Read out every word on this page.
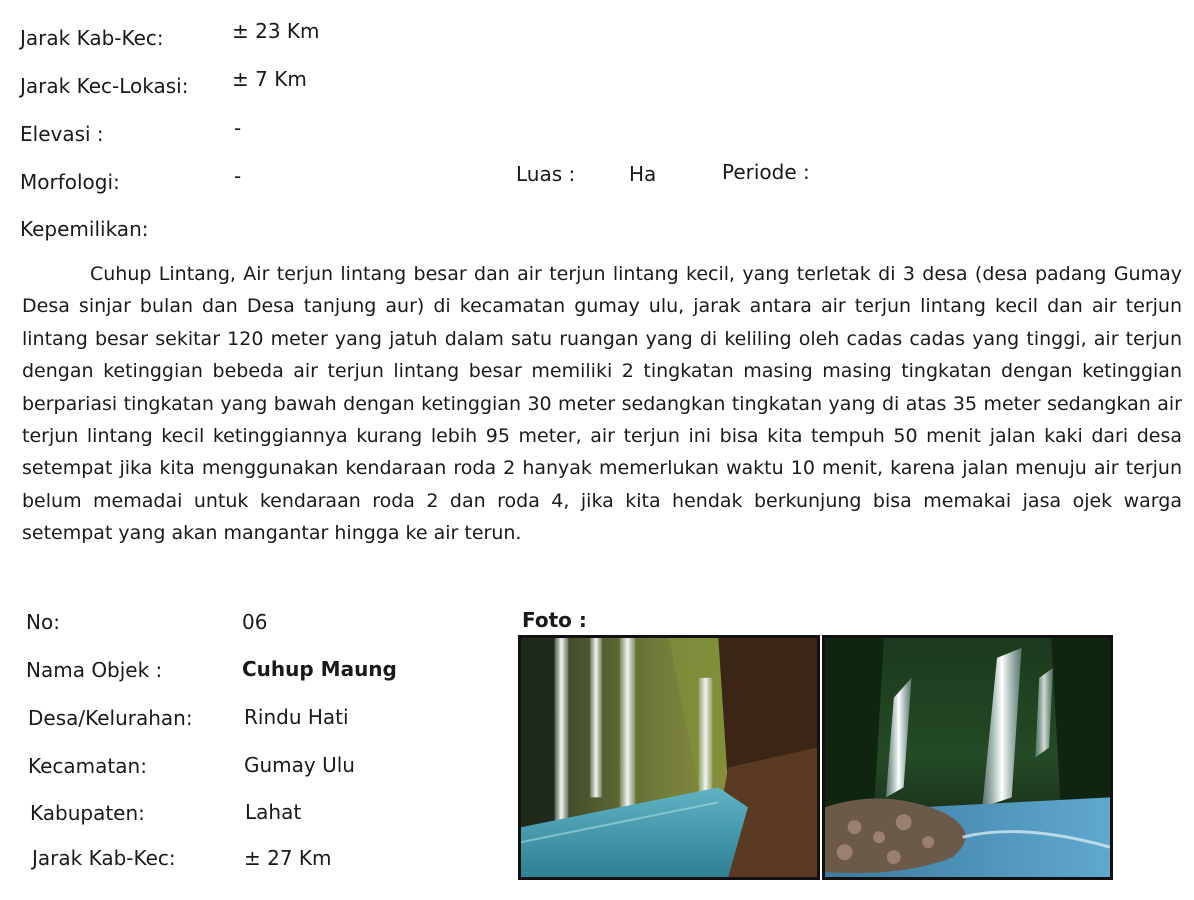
Jarak Kab-Kec:	± 23 Km
Jarak Kec-Lokasi: ± 7 Km
Elevasi :	-
Morfologi:	-	Luas :	Ha	Periode :
Kepemilikan:

Cuhup Lintang, Air terjun lintang besar dan air terjun lintang kecil, yang terletak di 3 desa (desa padang Gumay Desa sinjar bulan dan Desa tanjung aur) di kecamatan gumay ulu, jarak antara air terjun lintang kecil dan air terjun lintang besar sekitar 120 meter yang jatuh dalam satu ruangan yang di keliling oleh cadas cadas yang tinggi, air terjun dengan ketinggian bebeda air terjun lintang besar memiliki 2 tingkatan masing masing tingkatan dengan ketinggian berpariasi tingkatan yang bawah dengan ketinggian 30 meter sedangkan tingkatan yang di atas 35 meter sedangkan air terjun lintang kecil ketinggiannya kurang lebih 95 meter, air terjun ini bisa kita tempuh 50 menit jalan kaki dari desa setempat jika kita menggunakan kendaraan roda 2 hanyak memerlukan waktu 10 menit, karena jalan menuju air terjun belum memadai untuk kendaraan roda 2 dan roda 4, jika kita hendak berkunjung bisa memakai jasa ojek warga setempat yang akan mangantar hingga ke air terun.

No:	06
Nama Objek :	Cuhup Maung
Desa/Kelurahan:	Rindu Hati
Kecamatan:	Gumay Ulu
Kabupaten:	Lahat
Jarak Kab-Kec:	± 27 Km
Foto :
